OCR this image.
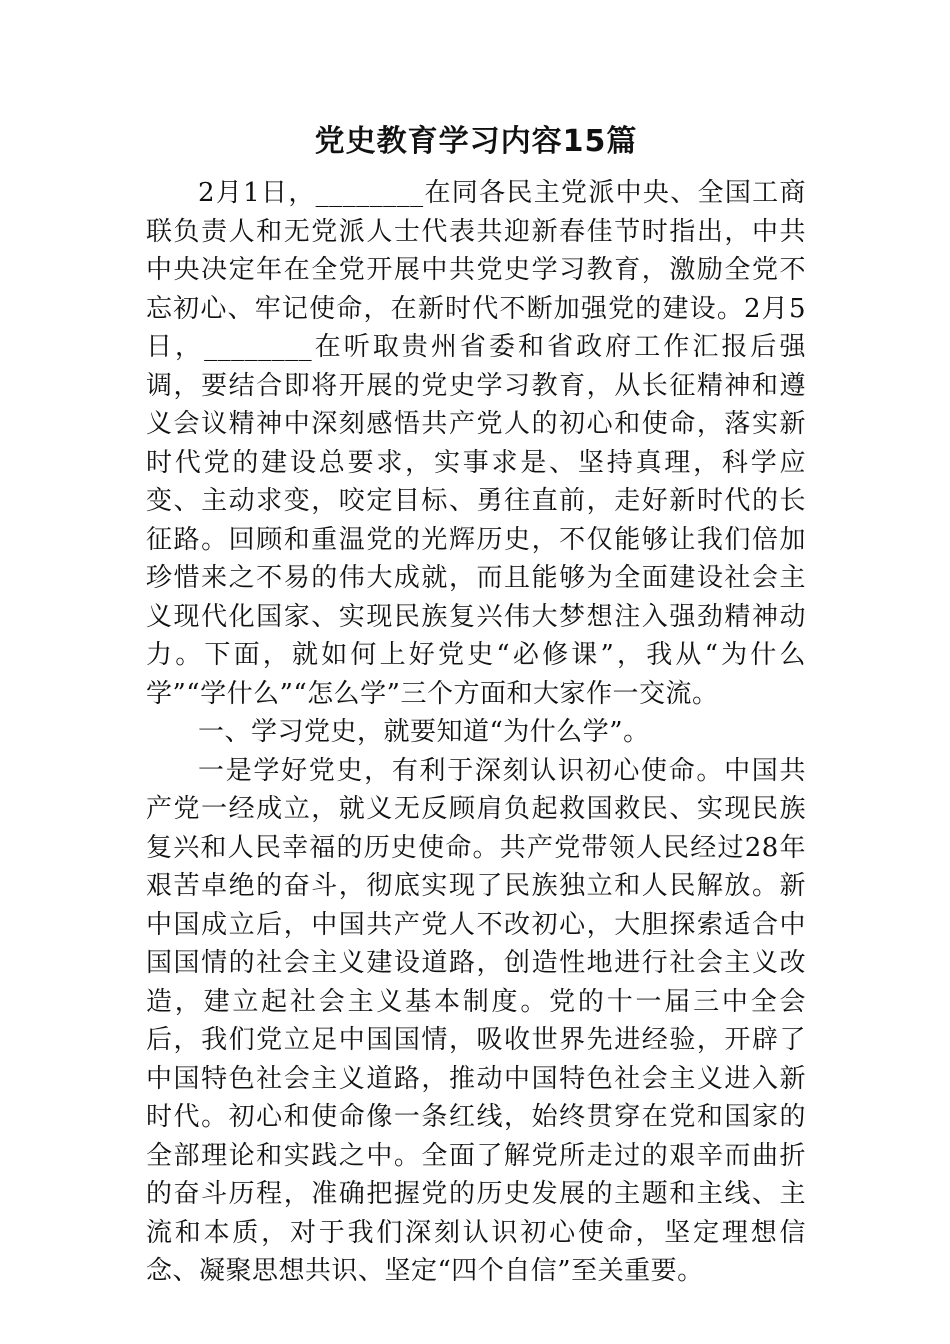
党史教育学习内容15篇

2月1日，________在同各民主党派中央、全国工商联负责人和无党派人士代表共迎新春佳节时指出，中共中央决定年在全党开展中共党史学习教育，激励全党不忘初心、牢记使命，在新时代不断加强党的建设。2月5日，________在听取贵州省委和省政府工作汇报后强调，要结合即将开展的党史学习教育，从长征精神和遵义会议精神中深刻感悟共产党人的初心和使命，落实新时代党的建设总要求，实事求是、坚持真理，科学应变、主动求变，咬定目标、勇往直前，走好新时代的长征路。回顾和重温党的光辉历史，不仅能够让我们倍加珍惜来之不易的伟大成就，而且能够为全面建设社会主义现代化国家、实现民族复兴伟大梦想注入强劲精神动力。下面，就如何上好党史“必修课”，我从“为什么学”“学什么”“怎么学”三个方面和大家作一交流。

一、学习党史，就要知道“为什么学”。

一是学好党史，有利于深刻认识初心使命。中国共产党一经成立，就义无反顾肩负起救国救民、实现民族复兴和人民幸福的历史使命。共产党带领人民经过28年艰苦卓绝的奋斗，彻底实现了民族独立和人民解放。新中国成立后，中国共产党人不改初心，大胆探索适合中国国情的社会主义建设道路，创造性地进行社会主义改造，建立起社会主义基本制度。党的十一届三中全会后，我们党立足中国国情，吸收世界先进经验，开辟了中国特色社会主义道路，推动中国特色社会主义进入新时代。初心和使命像一条红线，始终贯穿在党和国家的全部理论和实践之中。全面了解党所走过的艰辛而曲折的奋斗历程，准确把握党的历史发展的主题和主线、主流和本质，对于我们深刻认识初心使命，坚定理想信念、凝聚思想共识、坚定“四个自信”至关重要。
